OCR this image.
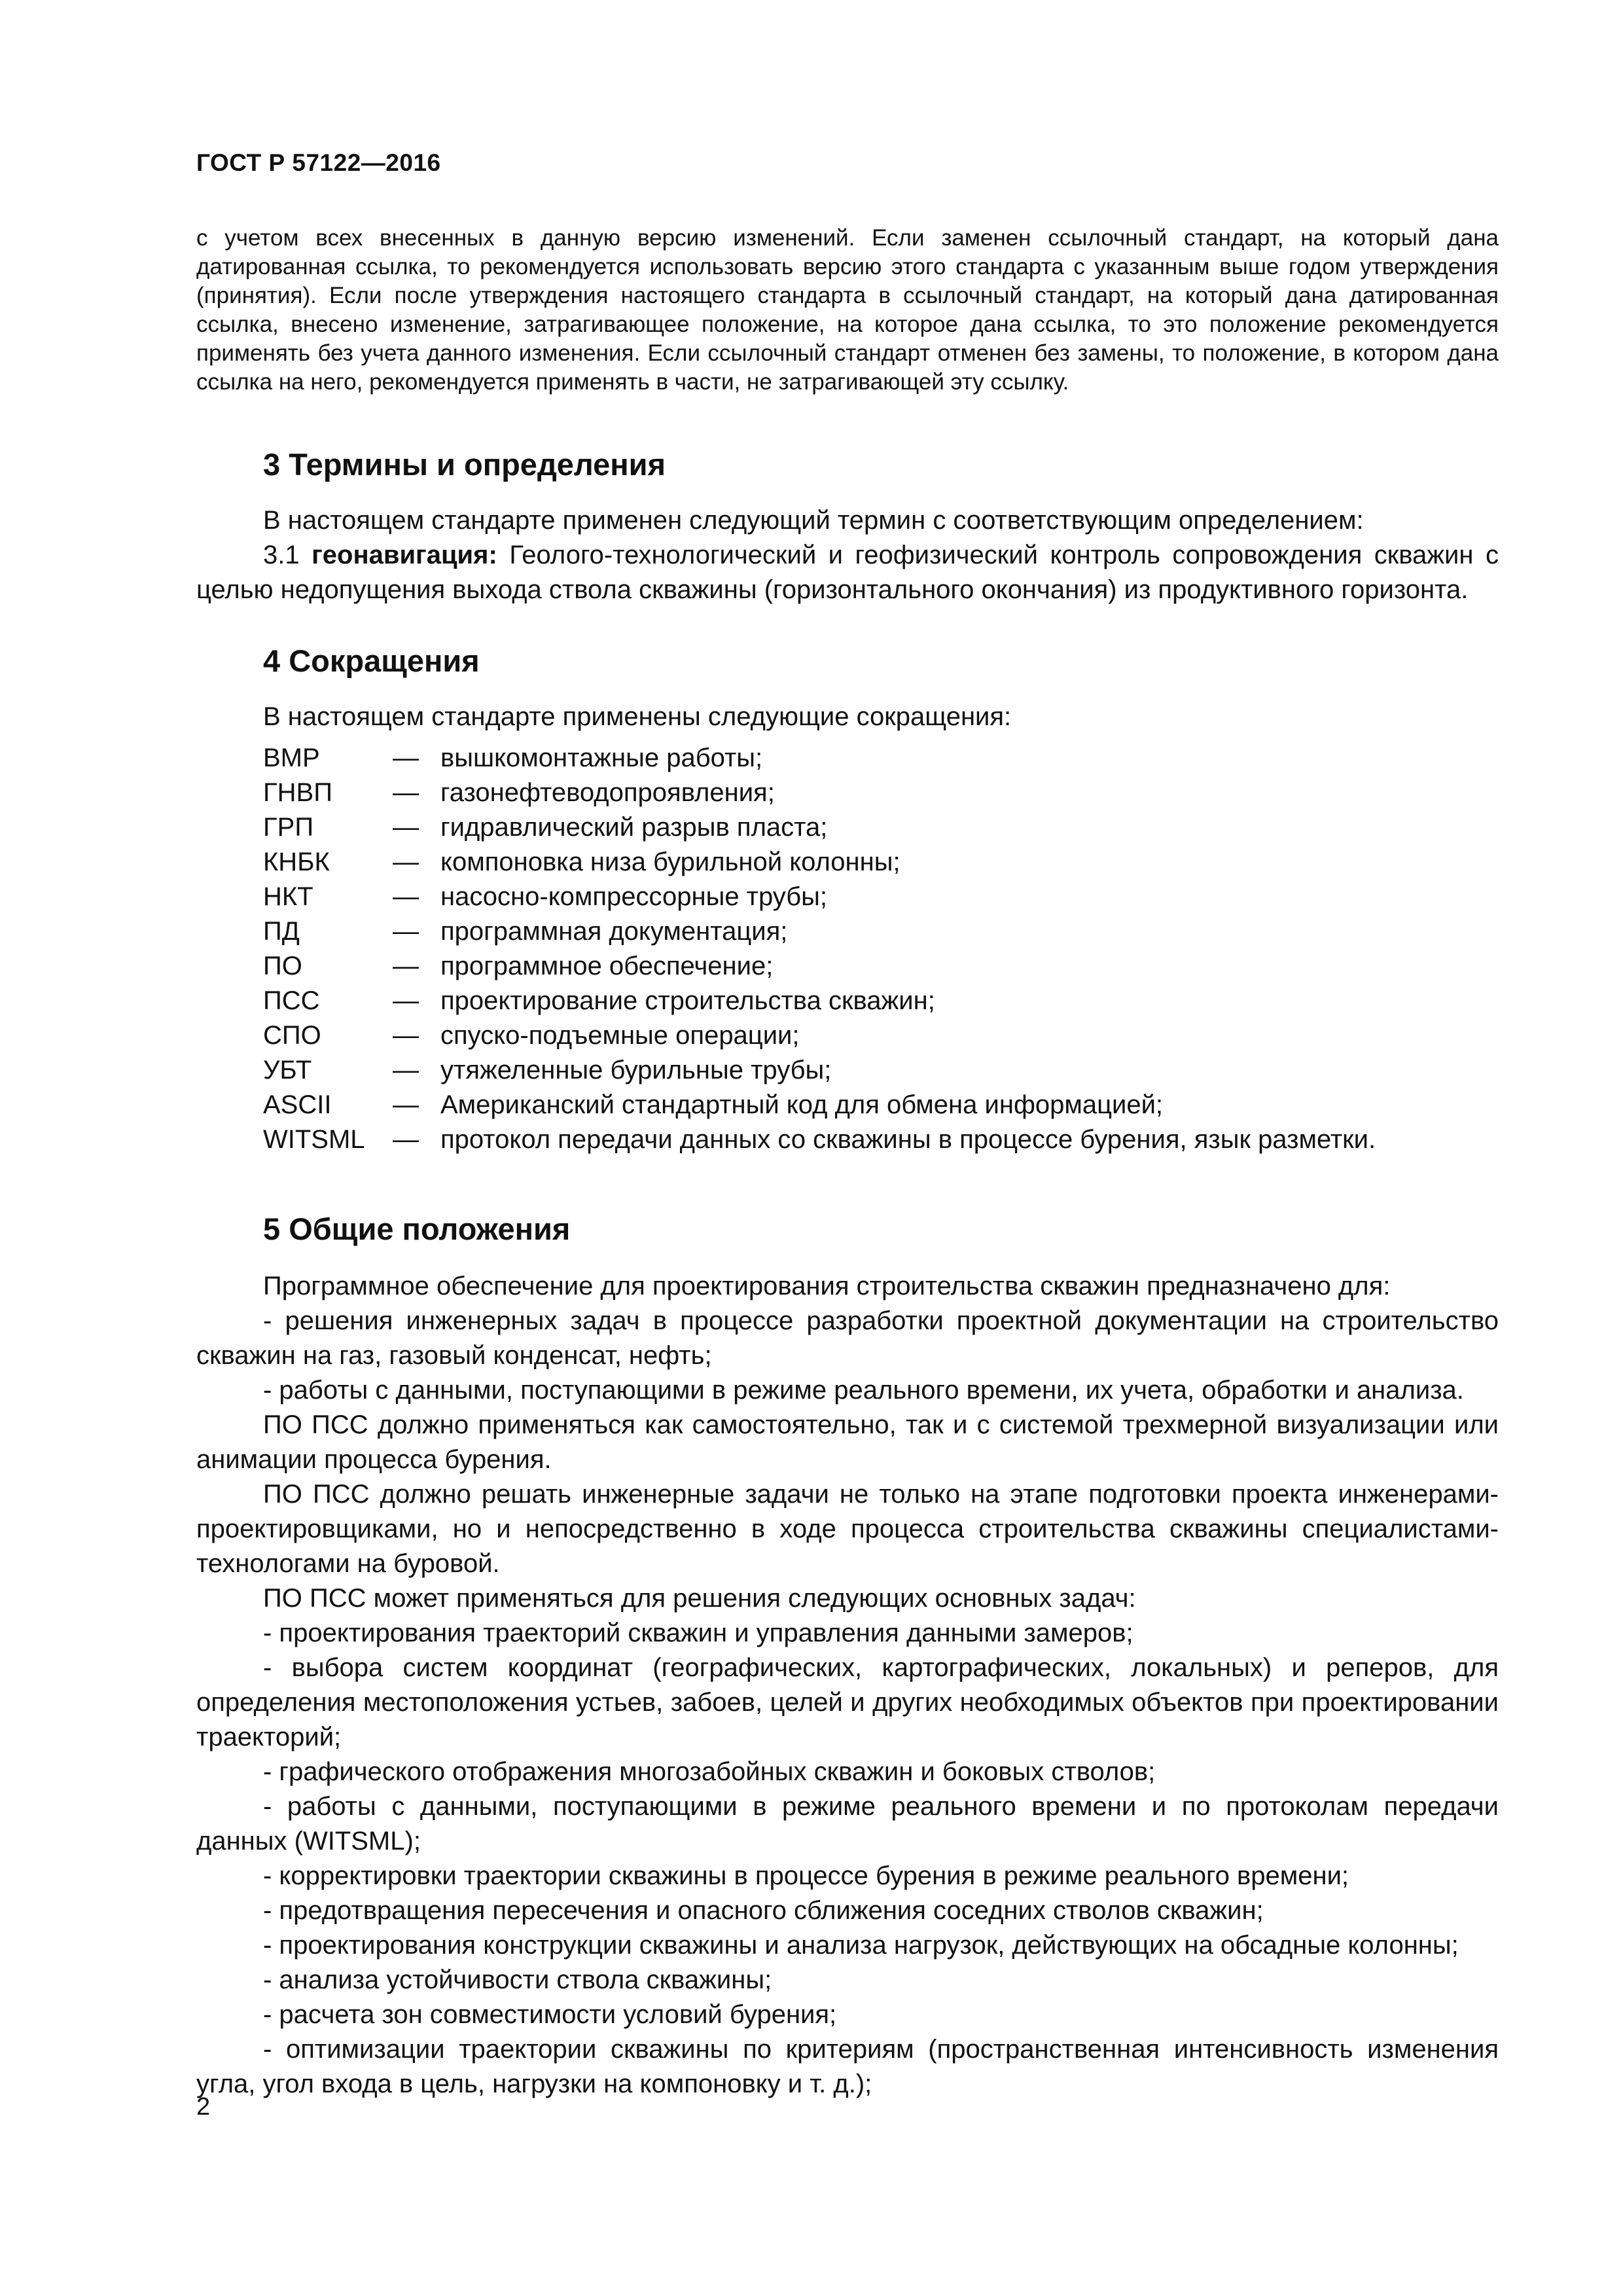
ГОСТ Р 57122—2016

с учетом всех внесенных в данную версию изменений. Если заменен ссылочный стандарт, на который дана датированная ссылка, то рекомендуется использовать версию этого стандарта с указанным выше годом утверждения (принятия). Если после утверждения настоящего стандарта в ссылочный стандарт, на который дана датированная ссылка, внесено изменение, затрагивающее положение, на которое дана ссылка, то это положение рекомендуется применять без учета данного изменения. Если ссылочный стандарт отменен без замены, то положение, в котором дана ссылка на него, рекомендуется применять в части, не затрагивающей эту ссылку.

3 Термины и определения

В настоящем стандарте применен следующий термин с соответствующим определением:

3.1 геонавигация: Геолого-технологический и геофизический контроль сопровождения скважин с целью недопущения выхода ствола скважины (горизонтального окончания) из продуктивного горизонта.

4 Сокращения

В настоящем стандарте применены следующие сокращения:

ВМР	— вышкомонтажные работы;
ГНВП	— газонефтеводопроявления;
ГРП	— гидравлический разрыв пласта;
КНБК	— компоновка низа бурильной колонны;
НКТ	— насосно-компрессорные трубы;
ПД	— программная документация;
ПО	— программное обеспечение;
ПСС	— проектирование строительства скважин;
СПО	— спуско-подъемные операции;
УБТ	— утяжеленные бурильные трубы;
ASCII	— Американский стандартный код для обмена информацией;
WITSML	— протокол передачи данных со скважины в процессе бурения, язык разметки.
5 Общие положения

Программное обеспечение для проектирования строительства скважин предназначено для:

- решения инженерных задач в процессе разработки проектной документации на строительство скважин на газ, газовый конденсат, нефть;

- работы с данными, поступающими в режиме реального времени, их учета, обработки и анализа.

ПО ПСС должно применяться как самостоятельно, так и с системой трехмерной визуализации или анимации процесса бурения.

ПО ПСС должно решать инженерные задачи не только на этапе подготовки проекта инженерами-проектировщиками, но и непосредственно в ходе процесса строительства скважины специалистами-технологами на буровой.

ПО ПСС может применяться для решения следующих основных задач:

- проектирования траекторий скважин и управления данными замеров;

- выбора систем координат (географических, картографических, локальных) и реперов, для определения местоположения устьев, забоев, целей и других необходимых объектов при проектировании траекторий;

- графического отображения многозабойных скважин и боковых стволов;

- работы с данными, поступающими в режиме реального времени и по протоколам передачи данных (WITSML);

- корректировки траектории скважины в процессе бурения в режиме реального времени;

- предотвращения пересечения и опасного сближения соседних стволов скважин;

- проектирования конструкции скважины и анализа нагрузок, действующих на обсадные колонны;

- анализа устойчивости ствола скважины;

- расчета зон совместимости условий бурения;

- оптимизации траектории скважины по критериям (пространственная интенсивность изменения угла, угол входа в цель, нагрузки на компоновку и т. д.);

2
